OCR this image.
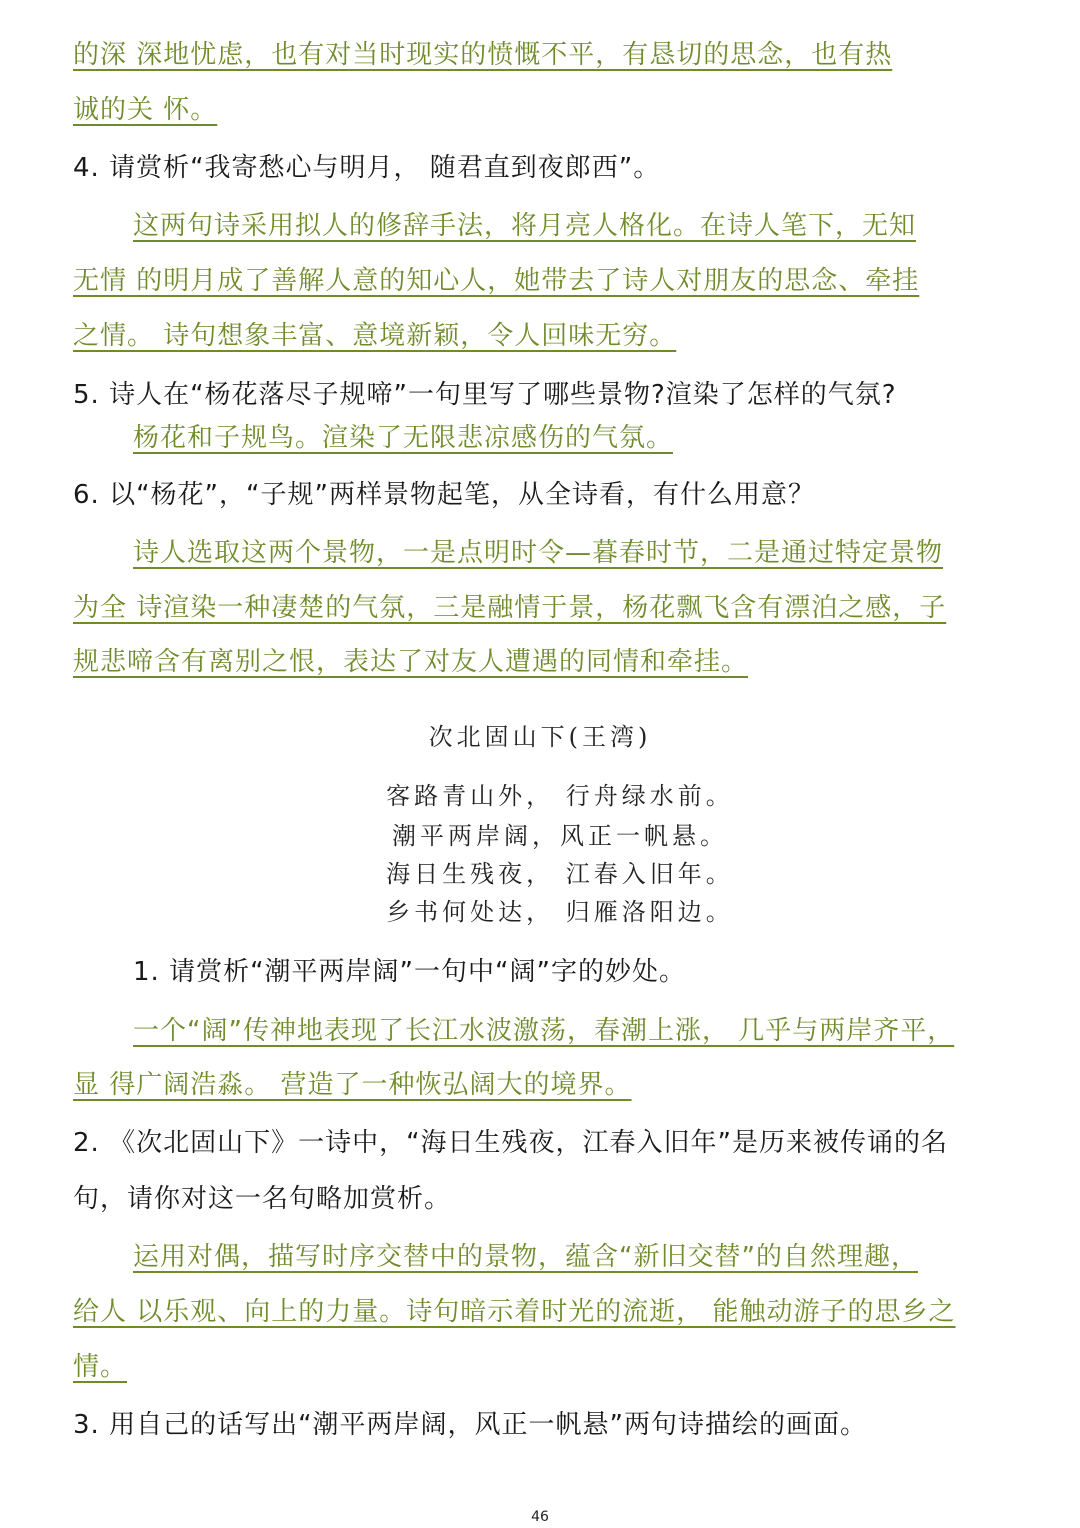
的深 深地忧虑，也有对当时现实的愤慨不平，有恳切的思念，也有热
诚的关 怀。
4. 请赏析“我寄愁心与明月， 随君直到夜郎西”。
这两句诗采用拟人的修辞手法，将月亮人格化。在诗人笔下，无知
无情 的明月成了善解人意的知心人，她带去了诗人对朋友的思念、牵挂
之情。 诗句想象丰富、意境新颖，令人回味无穷。
5. 诗人在“杨花落尽子规啼”一句里写了哪些景物?渲染了怎样的气氛?
杨花和子规鸟。渲染了无限悲凉感伤的气氛。
6. 以“杨花”，“子规”两样景物起笔，从全诗看，有什么用意？
诗人选取这两个景物，一是点明时令—暮春时节，二是通过特定景物
为全 诗渲染一种凄楚的气氛，三是融情于景，杨花飘飞含有漂泊之感，子
规悲啼含有离别之恨，表达了对友人遭遇的同情和牵挂。
次北固山下(王湾)
客路青山外， 行舟绿水前。
潮平两岸阔，风正一帆悬。
海日生残夜， 江春入旧年。
乡书何处达， 归雁洛阳边。
1. 请赏析“潮平两岸阔”一句中“阔”字的妙处。
一个“阔”传神地表现了长江水波激荡，春潮上涨， 几乎与两岸齐平，
显 得广阔浩淼。 营造了一种恢弘阔大的境界。
2. 《次北固山下》一诗中，“海日生残夜，江春入旧年”是历来被传诵的名
句，请你对这一名句略加赏析。
运用对偶，描写时序交替中的景物，蕴含“新旧交替”的自然理趣，
给人 以乐观、向上的力量。诗句暗示着时光的流逝， 能触动游子的思乡之
情。
3. 用自己的话写出“潮平两岸阔，风正一帆悬”两句诗描绘的画面。
46
